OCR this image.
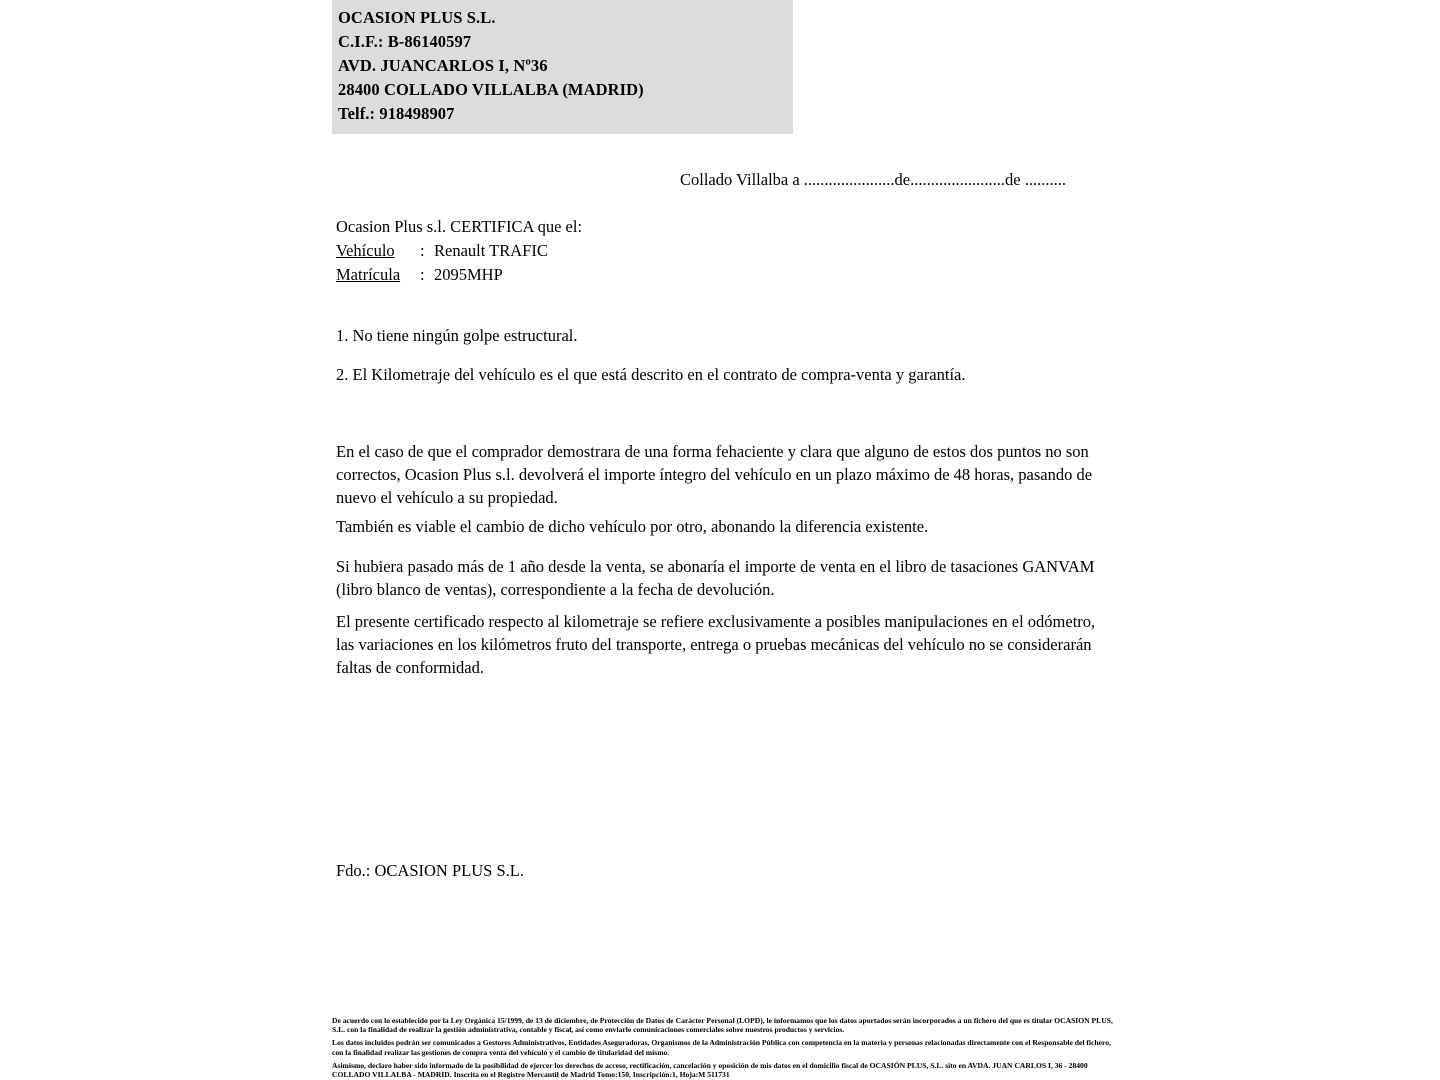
OCASION PLUS S.L.
C.I.F.: B-86140597
AVD. JUANCARLOS I, Nº36
28400 COLLADO VILLALBA (MADRID)
Telf.: 918498907
Collado Villalba a ......................de.......................de ..........
Ocasion Plus s.l. CERTIFICA que el:
Vehículo	: Renault TRAFIC
Matrícula	: 2095MHP
1. No tiene ningún golpe estructural.
2. El Kilometraje del vehículo es el que está descrito en el contrato de compra-venta y garantía.
En el caso de que el comprador demostrara de una forma fehaciente y clara que alguno de estos dos puntos no son correctos, Ocasion Plus s.l. devolverá el importe íntegro del vehículo en un plazo máximo de 48 horas, pasando de nuevo el vehículo a su propiedad.
También es viable el cambio de dicho vehículo por otro, abonando la diferencia existente.
Si hubiera pasado más de 1 año desde la venta, se abonaría el importe de venta en el libro de tasaciones GANVAM (libro blanco de ventas), correspondiente a la fecha de devolución.
El presente certificado respecto al kilometraje se refiere exclusivamente a posibles manipulaciones en el odómetro, las variaciones en los kilómetros fruto del transporte, entrega o pruebas mecánicas del vehículo no se considerarán faltas de conformidad.
Fdo.: OCASION PLUS S.L.

De acuerdo con lo establecido por la Ley Orgánica 15/1999, de 13 de diciembre, de Protección de Datos de Carácter Personal (LOPD), le informamos que los datos aportados serán incorporados a un fichero del que es titular OCASION PLUS, S.L. con la finalidad de realizar la gestión administrativa, contable y fiscal, así como enviarle comunicaciones comerciales sobre nuestros productos y servicios.

Los datos incluidos podrán ser comunicados a Gestores Administrativos, Entidades Aseguradoras, Organismos de la Administración Pública con competencia en la materia y personas relacionadas directamente con el Responsable del fichero, con la finalidad realizar las gestiones de compra venta del vehículo y el cambio de titularidad del mismo.

Asimismo, declaro haber sido informado de la posibilidad de ejercer los derechos de acceso, rectificación, cancelación y oposición de mis datos en el domicilio fiscal de OCASIÓN PLUS, S.L. sito en AVDA. JUAN CARLOS I, 36 - 28400 COLLADO VILLALBA - MADRID. Inscrita en el Registro Mercantil de Madrid Tomo:150, Inscripción:1, Hoja:M 511731
